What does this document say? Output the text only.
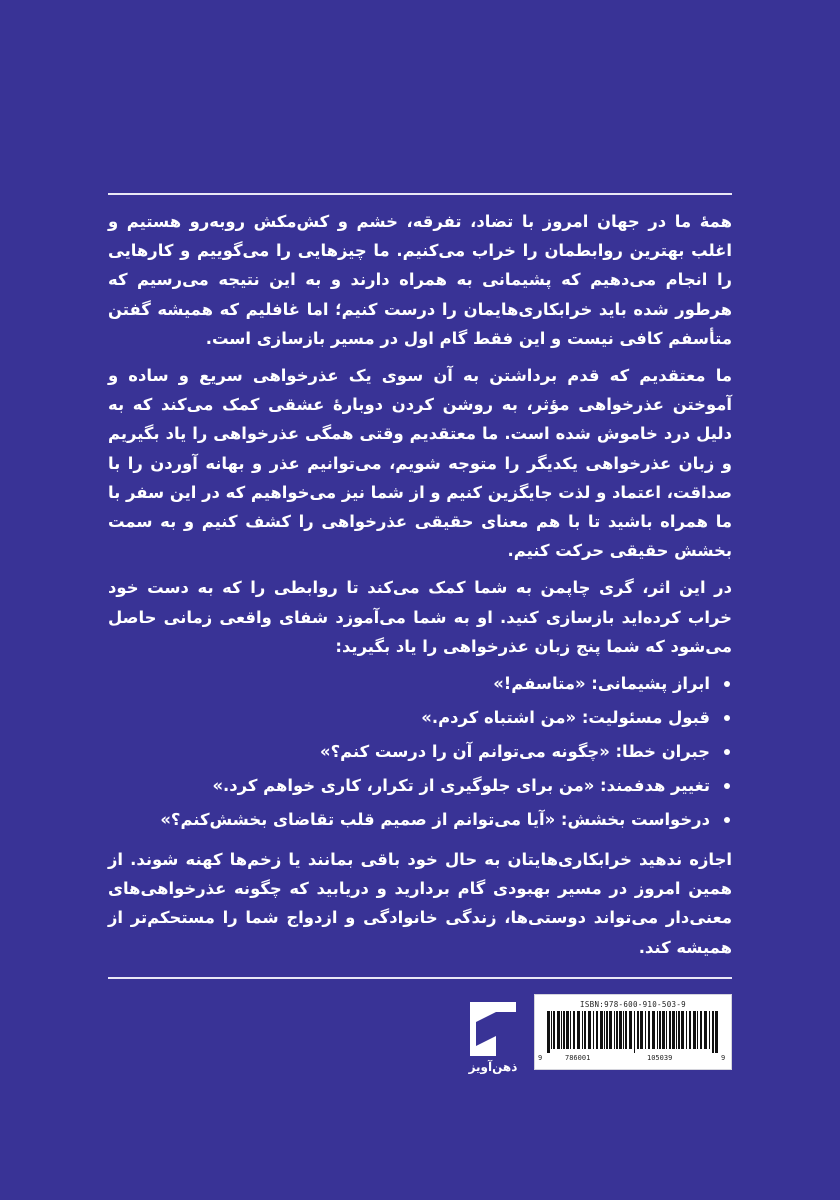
همهٔ ما در جهان امروز با تضاد، تفرقه، خشم و کش‌مکش روبه‌رو هستیم و اغلب بهترین روابطمان را خراب می‌کنیم. ما چیزهایی را می‌گوییم و کارهایی را انجام می‌دهیم که پشیمانی به همراه دارند و به این نتیجه می‌رسیم که هرطور شده باید خرابکاری‌هایمان را درست کنیم؛ اما غافلیم که همیشه گفتن متأسفم کافی نیست و این فقط گام اول در مسیر بازسازی است.

ما معتقدیم که قدم برداشتن به آن سوی یک عذرخواهی سریع و ساده و آموختن عذرخواهی مؤثر، به روشن کردن دوبارهٔ عشقی کمک می‌کند که به دلیل درد خاموش شده است. ما معتقدیم وقتی همگی عذرخواهی را یاد بگیریم و زبان عذرخواهی یکدیگر را متوجه شویم، می‌توانیم عذر و بهانه آوردن را با صداقت، اعتماد و لذت جایگزین کنیم و از شما نیز می‌خواهیم که در این سفر با ما همراه باشید تا با هم معنای حقیقی عذرخواهی را کشف کنیم و به سمت بخشش حقیقی حرکت کنیم.

در این اثر، گری چاپمن به شما کمک می‌کند تا روابطی را که به دست خود خراب کرده‌اید بازسازی کنید. او به شما می‌آموزد شفای واقعی زمانی حاصل می‌شود که شما پنج زبان عذرخواهی را یاد بگیرید:

ابراز پشیمانی: «متاسفم!»
قبول مسئولیت: «من اشتباه کردم.»
جبران خطا: «چگونه می‌توانم آن را درست کنم؟»
تغییر هدفمند: «من برای جلوگیری از تکرار، کاری خواهم کرد.»
درخواست بخشش: «آیا می‌توانم از صمیم قلب تقاضای بخشش‌کنم؟»

اجازه ندهید خرابکاری‌هایتان به حال خود باقی بمانند یا زخم‌ها کهنه شوند. از همین امروز در مسیر بهبودی گام بردارید و دریابید که چگونه عذرخواهی‌های معنی‌دار می‌تواند دوستی‌ها، زندگی خانوادگی و ازدواج شما را مستحکم‌تر از همیشه کند.

ذهن‌آویز
ISBN:978-600-910-503-9
9	786001	105039	9
